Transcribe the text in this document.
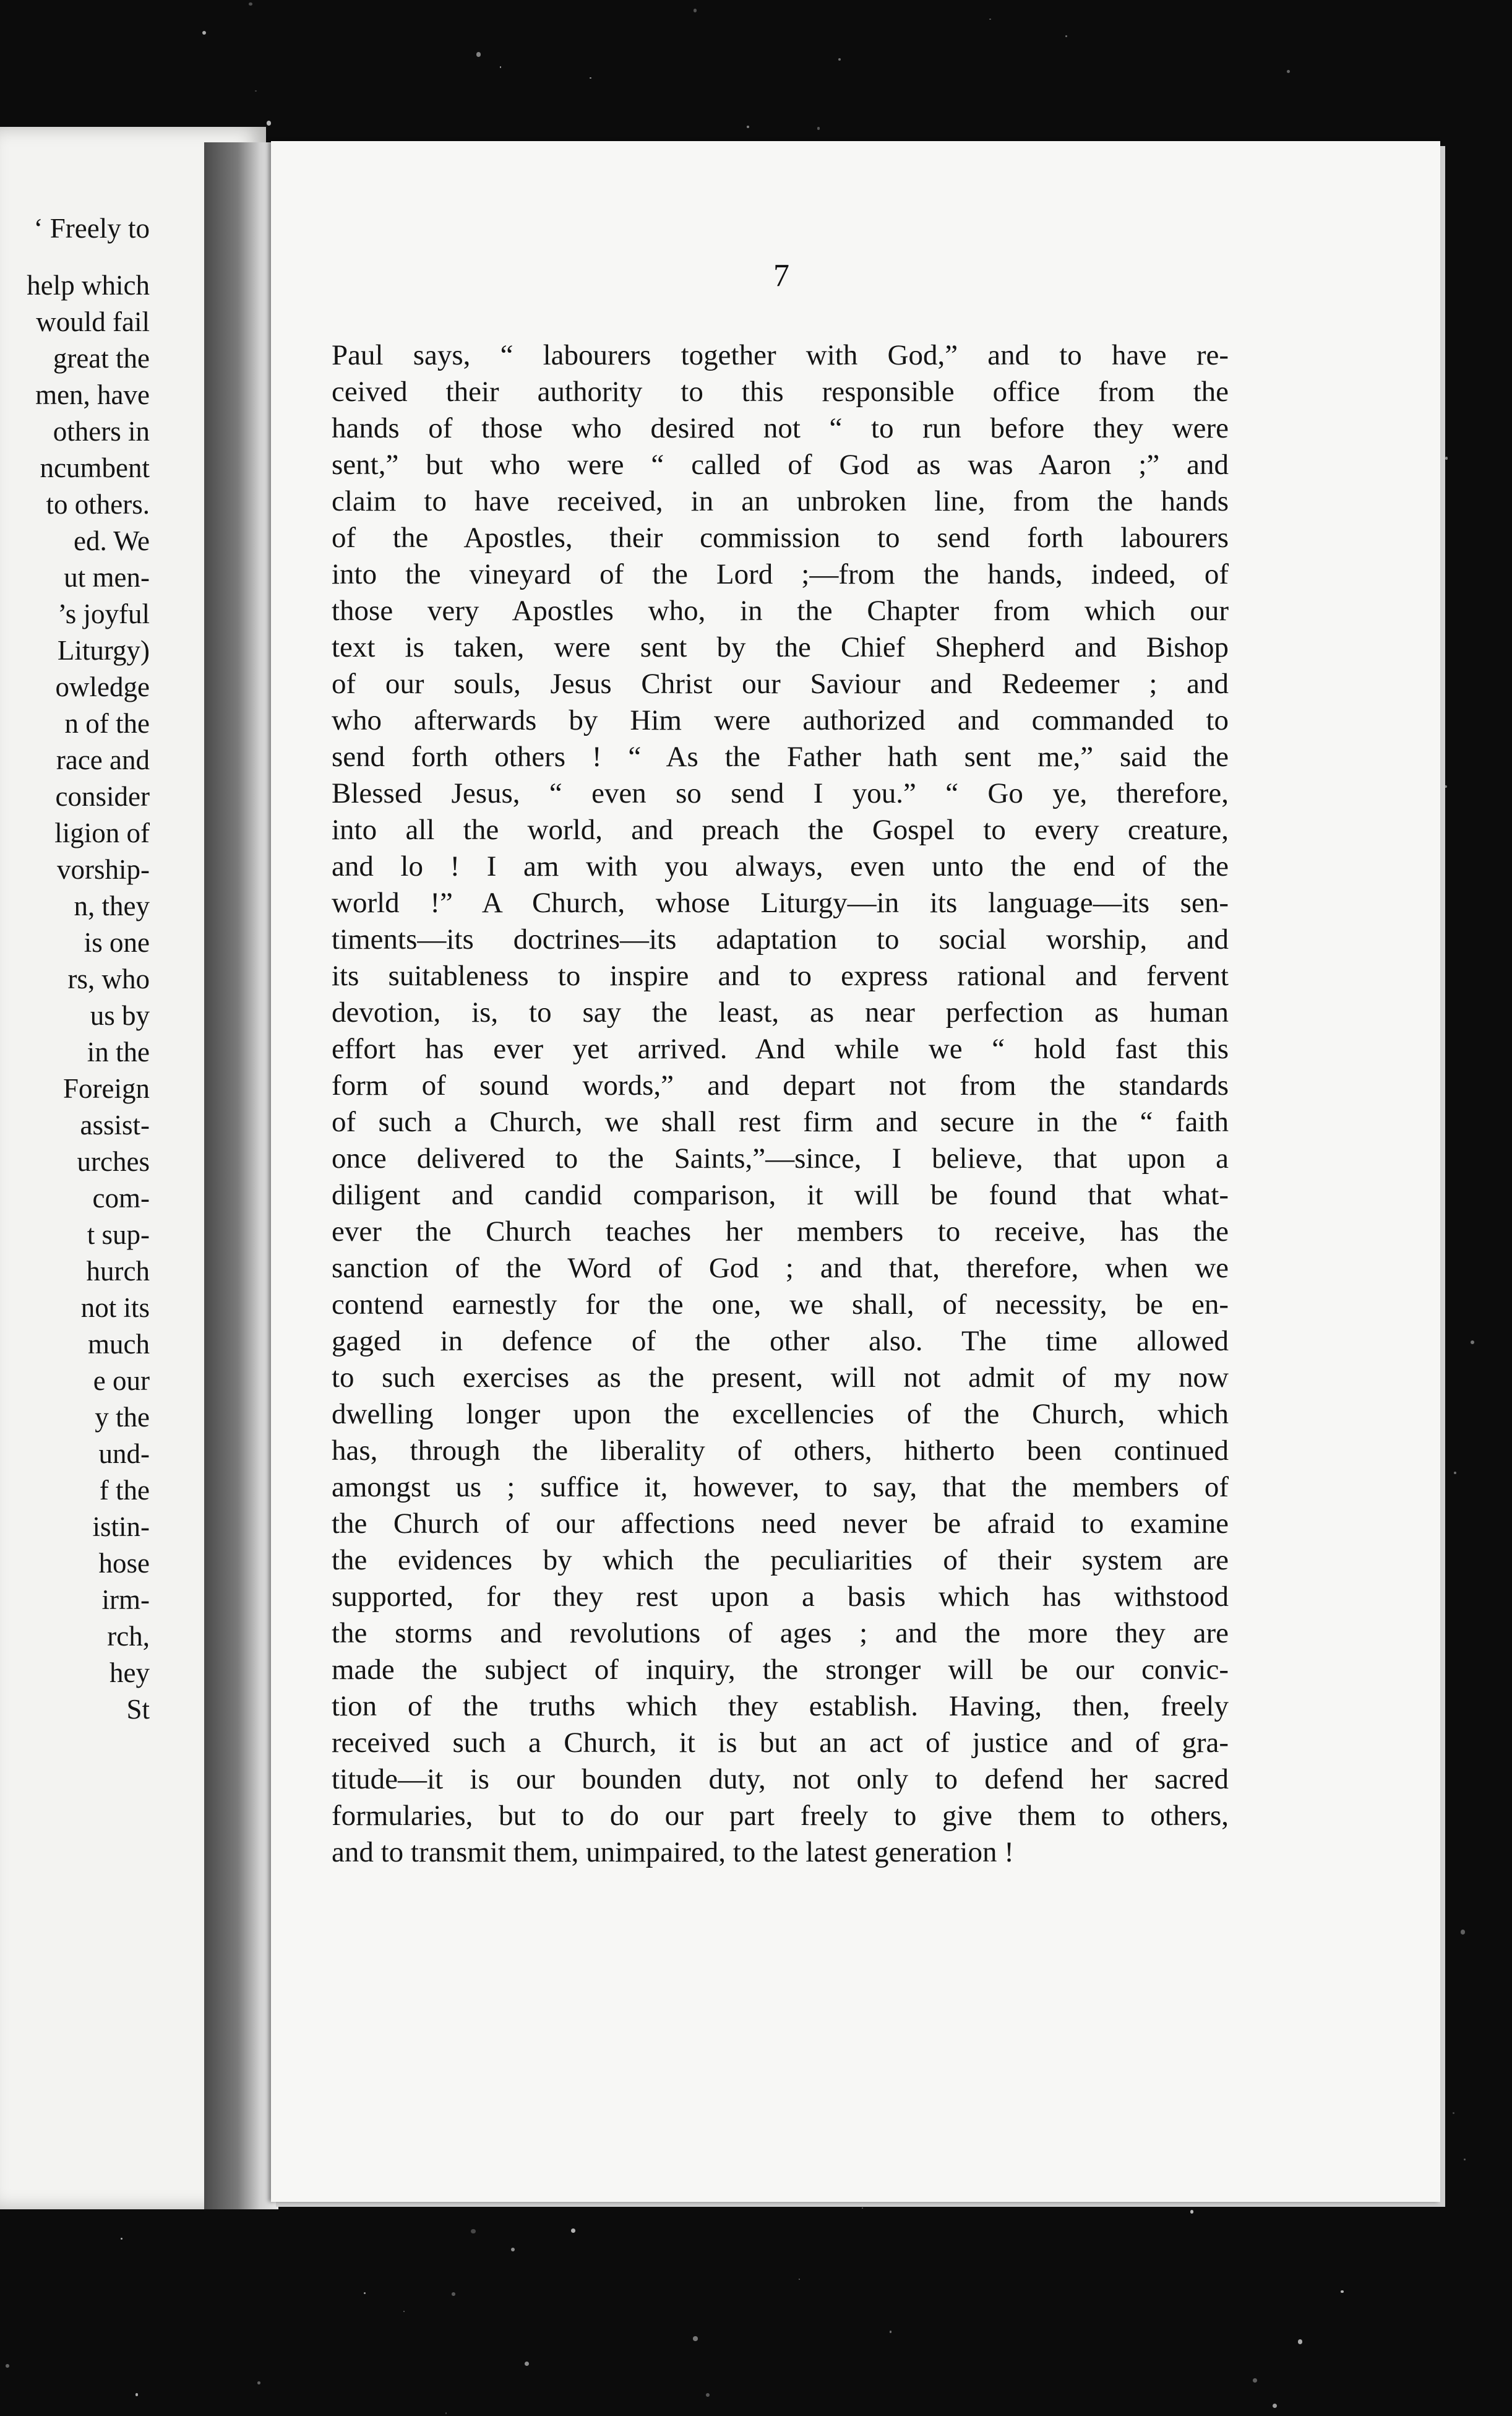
‘ Freely to
help which
would fail
great the
men, have
others in
ncumbent
to others.
ed. We
ut men-
’s joyful
Liturgy)
owledge
n of the
race and
consider
ligion of
vorship-
n, they
is one
rs, who
us by
in the
Foreign
assist-
urches
com-
t sup-
hurch
not its
much
e our
y the
und-
f the
istin-
hose
irm-
rch,
hey
St
7
Paul says, “ labourers together with God,” and to have re-
ceived their authority to this responsible office from the
hands of those who desired not “ to run before they were
sent,” but who were “ called of God as was Aaron ;” and
claim to have received, in an unbroken line, from the hands
of the Apostles, their commission to send forth labourers
into the vineyard of the Lord ;—from the hands, indeed, of
those very Apostles who, in the Chapter from which our
text is taken, were sent by the Chief Shepherd and Bishop
of our souls, Jesus Christ our Saviour and Redeemer ; and
who afterwards by Him were authorized and commanded to
send forth others ! “ As the Father hath sent me,” said the
Blessed Jesus, “ even so send I you.” “ Go ye, therefore,
into all the world, and preach the Gospel to every creature,
and lo ! I am with you always, even unto the end of the
world !” A Church, whose Liturgy—in its language—its sen-
timents—its doctrines—its adaptation to social worship, and
its suitableness to inspire and to express rational and fervent
devotion, is, to say the least, as near perfection as human
effort has ever yet arrived. And while we “ hold fast this
form of sound words,” and depart not from the standards
of such a Church, we shall rest firm and secure in the “ faith
once delivered to the Saints,”—since, I believe, that upon a
diligent and candid comparison, it will be found that what-
ever the Church teaches her members to receive, has the
sanction of the Word of God ; and that, therefore, when we
contend earnestly for the one, we shall, of necessity, be en-
gaged in defence of the other also. The time allowed
to such exercises as the present, will not admit of my now
dwelling longer upon the excellencies of the Church, which
has, through the liberality of others, hitherto been continued
amongst us ; suffice it, however, to say, that the members of
the Church of our affections need never be afraid to examine
the evidences by which the peculiarities of their system are
supported, for they rest upon a basis which has withstood
the storms and revolutions of ages ; and the more they are
made the subject of inquiry, the stronger will be our convic-
tion of the truths which they establish. Having, then, freely
received such a Church, it is but an act of justice and of gra-
titude—it is our bounden duty, not only to defend her sacred
formularies, but to do our part freely to give them to others,
and to transmit them, unimpaired, to the latest generation !
